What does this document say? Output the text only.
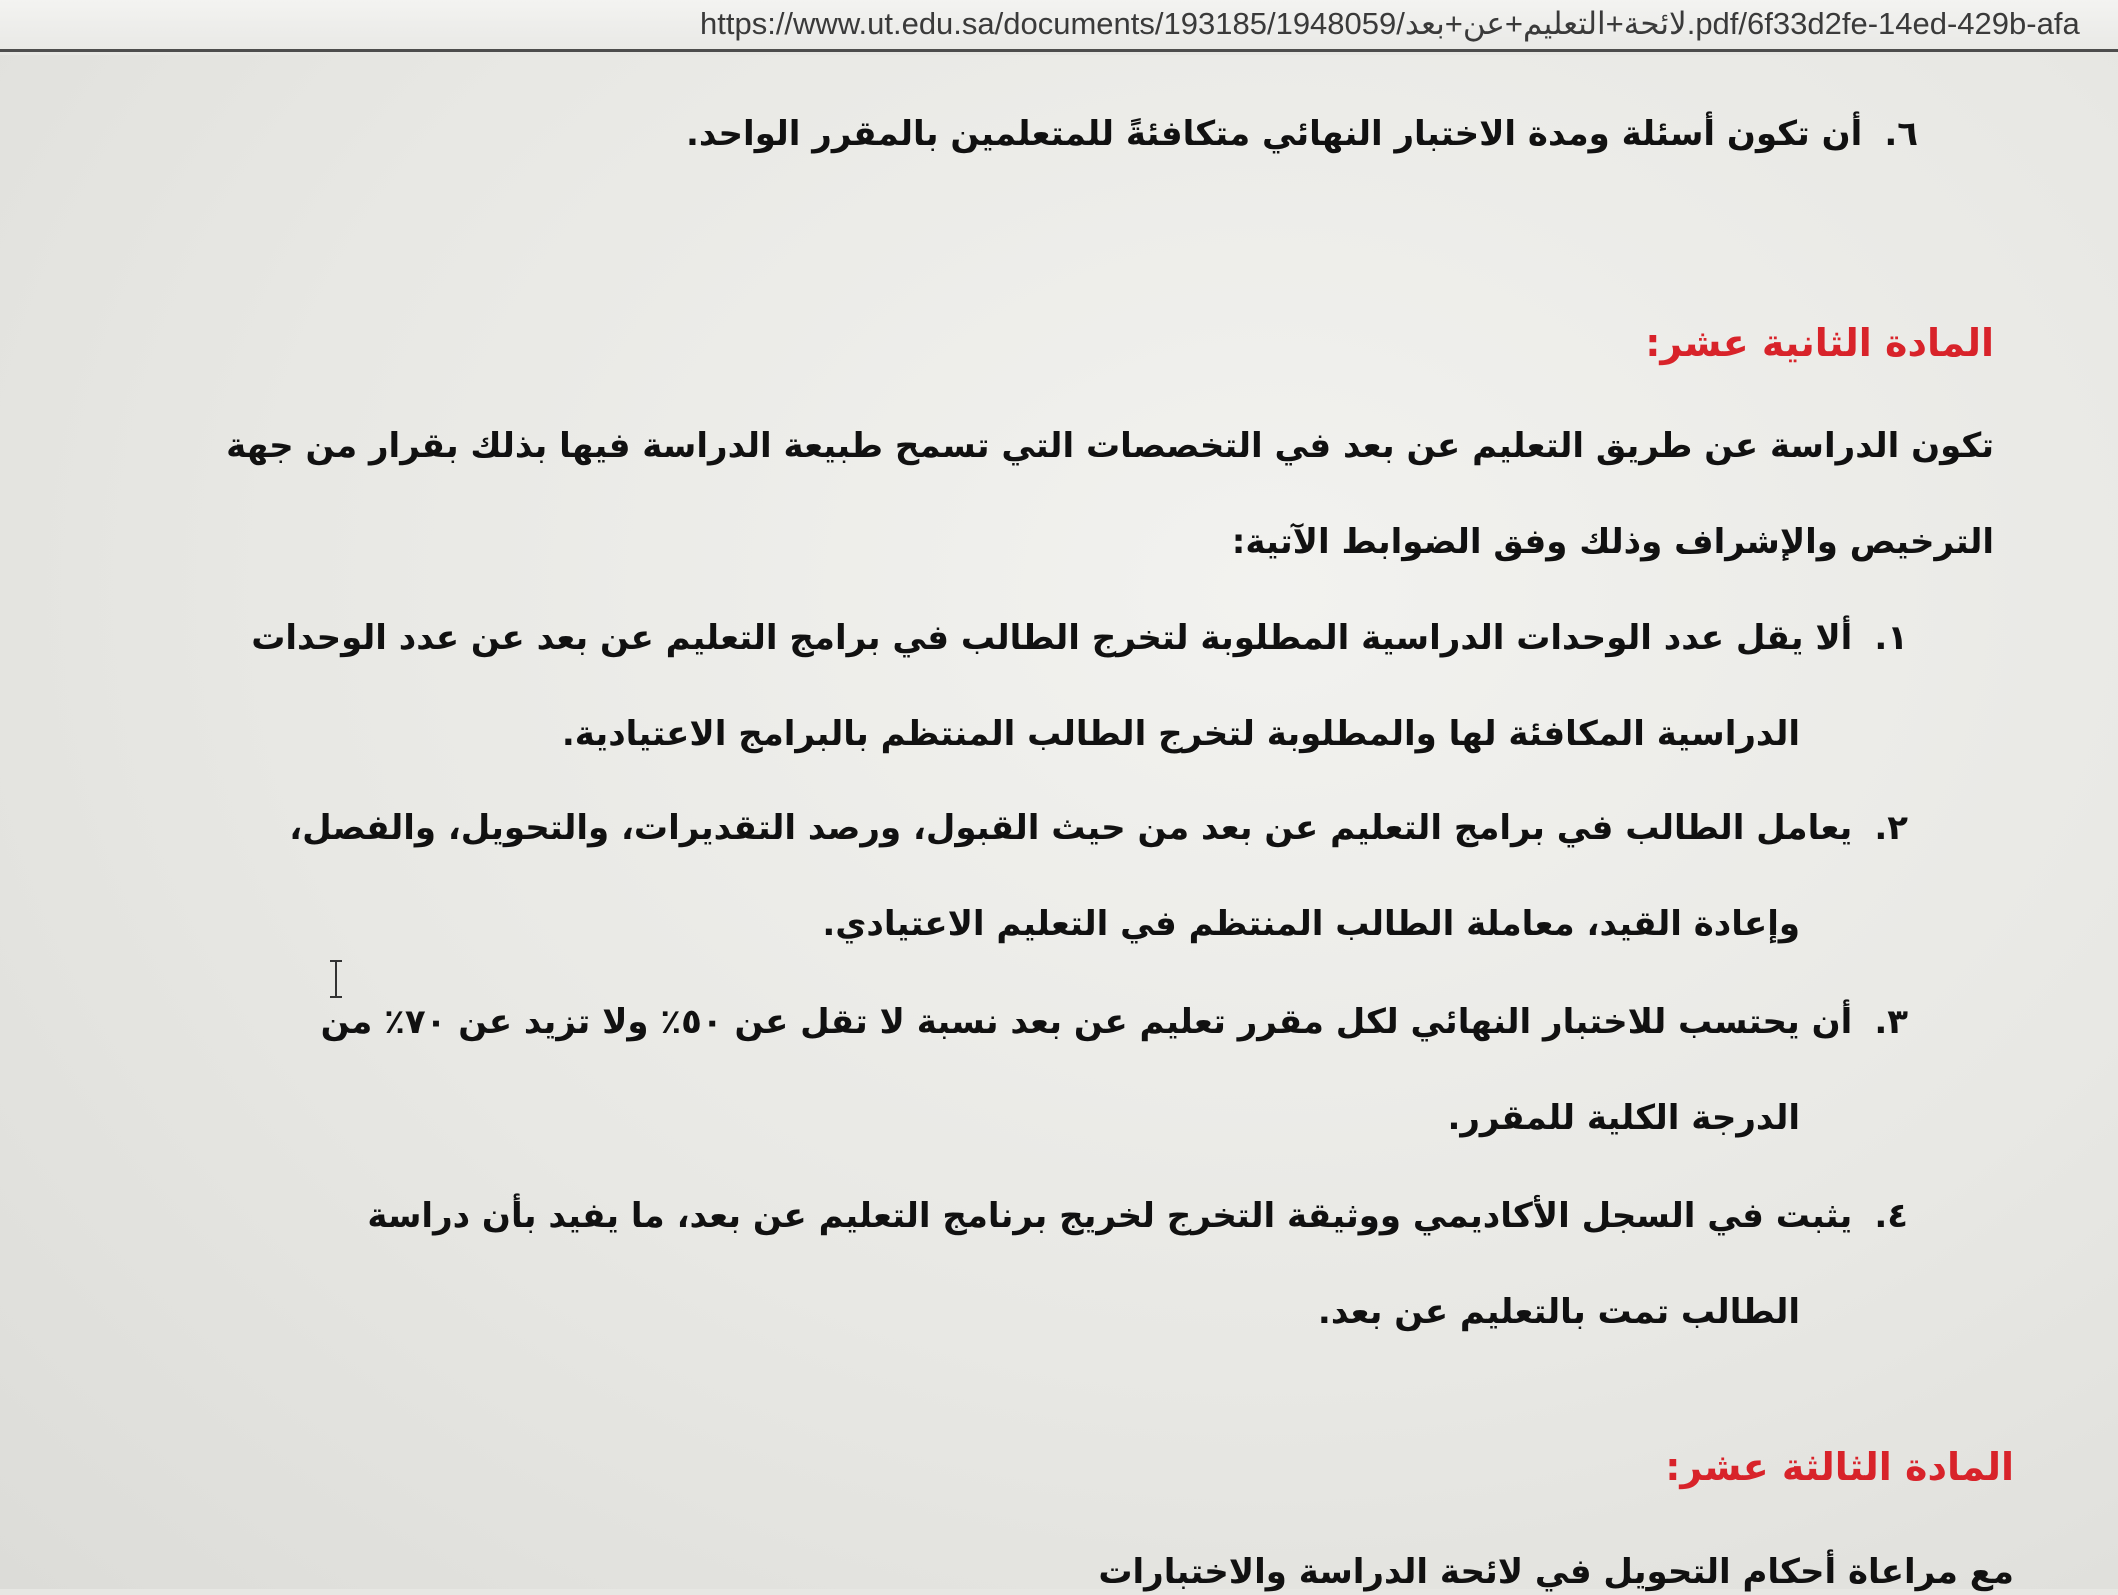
https://www.ut.edu.sa/documents/193185/1948059/لائحة+التعليم+عن+بعد.pdf/6f33d2fe-14ed-429b-afa
٦.أن تكون أسئلة ومدة الاختبار النهائي متكافئةً للمتعلمين بالمقرر الواحد.
المادة الثانية عشر:
تكون الدراسة عن طريق التعليم عن بعد في التخصصات التي تسمح طبيعة الدراسة فيها بذلك بقرار من جهة
الترخيص والإشراف وذلك وفق الضوابط الآتية:
١.ألا يقل عدد الوحدات الدراسية المطلوبة لتخرج الطالب في برامج التعليم عن بعد عن عدد الوحدات
الدراسية المكافئة لها والمطلوبة لتخرج الطالب المنتظم بالبرامج الاعتيادية.
٢.يعامل الطالب في برامج التعليم عن بعد من حيث القبول، ورصد التقديرات، والتحويل، والفصل،
وإعادة القيد، معاملة الطالب المنتظم في التعليم الاعتيادي.
٣.أن يحتسب للاختبار النهائي لكل مقرر تعليم عن بعد نسبة لا تقل عن ٥٠٪ ولا تزيد عن ٧٠٪ من
الدرجة الكلية للمقرر.
٤.يثبت في السجل الأكاديمي ووثيقة التخرج لخريج برنامج التعليم عن بعد، ما يفيد بأن دراسة
الطالب تمت بالتعليم عن بعد.
المادة الثالثة عشر:
مع مراعاة أحكام التحويل في لائحة الدراسة والاختبارات
